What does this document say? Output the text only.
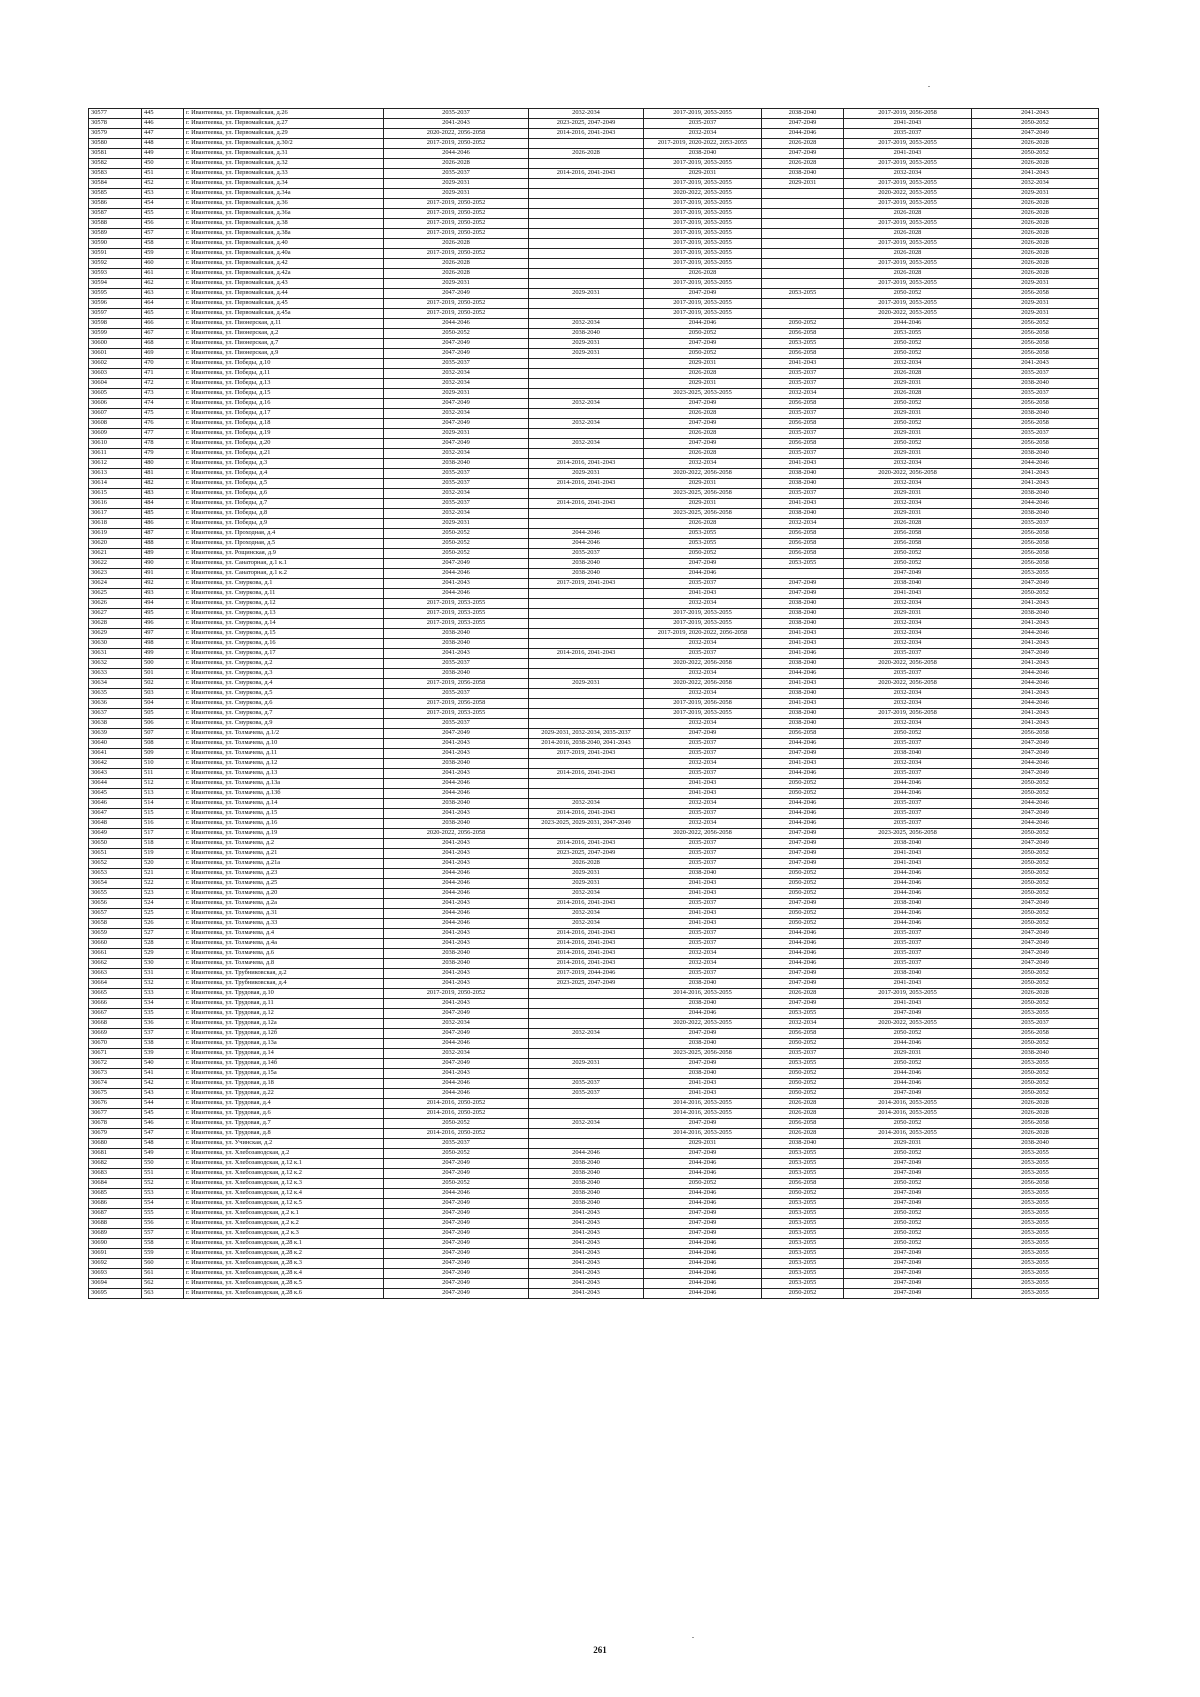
30577	445	г. Ивантеевка, ул. Первомайская, д.26	2035-2037	2032-2034	2017-2019, 2053-2055	2038-2040	2017-2019, 2056-2058	2041-2043
30578	446	г. Ивантеевка, ул. Первомайская, д.27	2041-2043	2023-2025, 2047-2049	2035-2037	2047-2049	2041-2043	2050-2052
30579	447	г. Ивантеевка, ул. Первомайская, д.29	2020-2022, 2056-2058	2014-2016, 2041-2043	2032-2034	2044-2046	2035-2037	2047-2049
30580	448	г. Ивантеевка, ул. Первомайская, д.30/2	2017-2019, 2050-2052		2017-2019, 2020-2022, 2053-2055	2026-2028	2017-2019, 2053-2055	2026-2028
30581	449	г. Ивантеевка, ул. Первомайская, д.31	2044-2046	2026-2028	2038-2040	2047-2049	2041-2043	2050-2052
30582	450	г. Ивантеевка, ул. Первомайская, д.32	2026-2028		2017-2019, 2053-2055	2026-2028	2017-2019, 2053-2055	2026-2028
30583	451	г. Ивантеевка, ул. Первомайская, д.33	2035-2037	2014-2016, 2041-2043	2029-2031	2038-2040	2032-2034	2041-2043
30584	452	г. Ивантеевка, ул. Первомайская, д.34	2029-2031		2017-2019, 2053-2055	2029-2031	2017-2019, 2053-2055	2032-2034
30585	453	г. Ивантеевка, ул. Первомайская, д.34а	2029-2031		2020-2022, 2053-2055		2020-2022, 2053-2055	2029-2031
30586	454	г. Ивантеевка, ул. Первомайская, д.36	2017-2019, 2050-2052		2017-2019, 2053-2055		2017-2019, 2053-2055	2026-2028
30587	455	г. Ивантеевка, ул. Первомайская, д.36а	2017-2019, 2050-2052		2017-2019, 2053-2055		2026-2028	2026-2028
30588	456	г. Ивантеевка, ул. Первомайская, д.38	2017-2019, 2050-2052		2017-2019, 2053-2055		2017-2019, 2053-2055	2026-2028
30589	457	г. Ивантеевка, ул. Первомайская, д.38а	2017-2019, 2050-2052		2017-2019, 2053-2055		2026-2028	2026-2028
30590	458	г. Ивантеевка, ул. Первомайская, д.40	2026-2028		2017-2019, 2053-2055		2017-2019, 2053-2055	2026-2028
30591	459	г. Ивантеевка, ул. Первомайская, д.40а	2017-2019, 2050-2052		2017-2019, 2053-2055		2026-2028	2026-2028
30592	460	г. Ивантеевка, ул. Первомайская, д.42	2026-2028		2017-2019, 2053-2055		2017-2019, 2053-2055	2026-2028
30593	461	г. Ивантеевка, ул. Первомайская, д.42а	2026-2028		2026-2028		2026-2028	2026-2028
30594	462	г. Ивантеевка, ул. Первомайская, д.43	2029-2031		2017-2019, 2053-2055		2017-2019, 2053-2055	2029-2031
30595	463	г. Ивантеевка, ул. Первомайская, д.44	2047-2049	2029-2031	2047-2049	2053-2055	2050-2052	2056-2058
30596	464	г. Ивантеевка, ул. Первомайская, д.45	2017-2019, 2050-2052		2017-2019, 2053-2055		2017-2019, 2053-2055	2029-2031
30597	465	г. Ивантеевка, ул. Первомайская, д.45а	2017-2019, 2050-2052		2017-2019, 2053-2055		2020-2022, 2053-2055	2029-2031
30598	466	г. Ивантеевка, ул. Пионерская, д.11	2044-2046	2032-2034	2044-2046	2050-2052	2044-2046	2056-2052
30599	467	г. Ивантеевка, ул. Пионерская, д.2	2050-2052	2038-2040	2050-2052	2056-2058	2053-2055	2056-2058
30600	468	г. Ивантеевка, ул. Пионерская, д.7	2047-2049	2029-2031	2047-2049	2053-2055	2050-2052	2056-2058
30601	469	г. Ивантеевка, ул. Пионерская, д.9	2047-2049	2029-2031	2050-2052	2056-2058	2050-2052	2056-2058
30602	470	г. Ивантеевка, ул. Победы, д.10	2035-2037		2029-2031	2041-2043	2032-2034	2041-2043
30603	471	г. Ивантеевка, ул. Победы, д.11	2032-2034		2026-2028	2035-2037	2026-2028	2035-2037
30604	472	г. Ивантеевка, ул. Победы, д.13	2032-2034		2029-2031	2035-2037	2029-2031	2038-2040
30605	473	г. Ивантеевка, ул. Победы, д.15	2029-2031		2023-2025, 2053-2055	2032-2034	2026-2028	2035-2037
30606	474	г. Ивантеевка, ул. Победы, д.16	2047-2049	2032-2034	2047-2049	2056-2058	2050-2052	2056-2058
30607	475	г. Ивантеевка, ул. Победы, д.17	2032-2034		2026-2028	2035-2037	2029-2031	2038-2040
30608	476	г. Ивантеевка, ул. Победы, д.18	2047-2049	2032-2034	2047-2049	2056-2058	2050-2052	2056-2058
30609	477	г. Ивантеевка, ул. Победы, д.19	2029-2031		2026-2028	2035-2037	2029-2031	2035-2037
30610	478	г. Ивантеевка, ул. Победы, д.20	2047-2049	2032-2034	2047-2049	2056-2058	2050-2052	2056-2058
30611	479	г. Ивантеевка, ул. Победы, д.21	2032-2034		2026-2028	2035-2037	2029-2031	2038-2040
30612	480	г. Ивантеевка, ул. Победы, д.3	2038-2040	2014-2016, 2041-2043	2032-2034	2041-2043	2032-2034	2044-2046
30613	481	г. Ивантеевка, ул. Победы, д.4	2035-2037	2029-2031	2020-2022, 2056-2058	2038-2040	2020-2022, 2056-2058	2041-2043
30614	482	г. Ивантеевка, ул. Победы, д.5	2035-2037	2014-2016, 2041-2043	2029-2031	2038-2040	2032-2034	2041-2043
30615	483	г. Ивантеевка, ул. Победы, д.6	2032-2034		2023-2025, 2056-2058	2035-2037	2029-2031	2038-2040
30616	484	г. Ивантеевка, ул. Победы, д.7	2035-2037	2014-2016, 2041-2043	2029-2031	2041-2043	2032-2034	2044-2046
30617	485	г. Ивантеевка, ул. Победы, д.8	2032-2034		2023-2025, 2056-2058	2038-2040	2029-2031	2038-2040
30618	486	г. Ивантеевка, ул. Победы, д.9	2029-2031		2026-2028	2032-2034	2026-2028	2035-2037
30619	487	г. Ивантеевка, ул. Проходная, д.4	2050-2052	2044-2046	2053-2055	2056-2058	2056-2058	2056-2058
30620	488	г. Ивантеевка, ул. Проходная, д.5	2050-2052	2044-2046	2053-2055	2056-2058	2056-2058	2056-2058
30621	489	г. Ивантеевка, ул. Рощинская, д.9	2050-2052	2035-2037	2050-2052	2056-2058	2050-2052	2056-2058
30622	490	г. Ивантеевка, ул. Санаторная, д.1 к.1	2047-2049	2038-2040	2047-2049	2053-2055	2050-2052	2056-2058
30623	491	г. Ивантеевка, ул. Санаторная, д.1 к.2	2044-2046	2038-2040	2044-2046		2047-2049	2053-2055
30624	492	г. Ивантеевка, ул. Смуркова, д.1	2041-2043	2017-2019, 2041-2043	2035-2037	2047-2049	2038-2040	2047-2049
30625	493	г. Ивантеевка, ул. Смуркова, д.11	2044-2046		2041-2043	2047-2049	2041-2043	2050-2052
30626	494	г. Ивантеевка, ул. Смуркова, д.12	2017-2019, 2053-2055		2032-2034	2038-2040	2032-2034	2041-2043
30627	495	г. Ивантеевка, ул. Смуркова, д.13	2017-2019, 2053-2055		2017-2019, 2053-2055	2038-2040	2029-2031	2038-2040
30628	496	г. Ивантеевка, ул. Смуркова, д.14	2017-2019, 2053-2055		2017-2019, 2053-2055	2038-2040	2032-2034	2041-2043
30629	497	г. Ивантеевка, ул. Смуркова, д.15	2038-2040		2017-2019, 2020-2022, 2056-2058	2041-2043	2032-2034	2044-2046
30630	498	г. Ивантеевка, ул. Смуркова, д.16	2038-2040		2032-2034	2041-2043	2032-2034	2041-2043
30631	499	г. Ивантеевка, ул. Смуркова, д.17	2041-2043	2014-2016, 2041-2043	2035-2037	2041-2046	2035-2037	2047-2049
30632	500	г. Ивантеевка, ул. Смуркова, д.2	2035-2037		2020-2022, 2056-2058	2038-2040	2020-2022, 2056-2058	2041-2043
30633	501	г. Ивантеевка, ул. Смуркова, д.3	2038-2040		2032-2034	2044-2046	2035-2037	2044-2046
30634	502	г. Ивантеевка, ул. Смуркова, д.4	2017-2019, 2056-2058	2029-2031	2020-2022, 2056-2058	2041-2043	2020-2022, 2056-2058	2044-2046
30635	503	г. Ивантеевка, ул. Смуркова, д.5	2035-2037		2032-2034	2038-2040	2032-2034	2041-2043
30636	504	г. Ивантеевка, ул. Смуркова, д.6	2017-2019, 2056-2058		2017-2019, 2056-2058	2041-2043	2032-2034	2044-2046
30637	505	г. Ивантеевка, ул. Смуркова, д.7	2017-2019, 2053-2055		2017-2019, 2053-2055	2038-2040	2017-2019, 2056-2058	2041-2043
30638	506	г. Ивантеевка, ул. Смуркова, д.9	2035-2037		2032-2034	2038-2040	2032-2034	2041-2043
30639	507	г. Ивантеевка, ул. Толмачева, д.1/2	2047-2049	2029-2031, 2032-2034, 2035-2037	2047-2049	2056-2058	2050-2052	2056-2058
30640	508	г. Ивантеевка, ул. Толмачева, д.10	2041-2043	2014-2016, 2038-2040, 2041-2043	2035-2037	2044-2046	2035-2037	2047-2049
30641	509	г. Ивантеевка, ул. Толмачева, д.11	2041-2043	2017-2019, 2041-2043	2035-2037	2047-2049	2038-2040	2047-2049
30642	510	г. Ивантеевка, ул. Толмачева, д.12	2038-2040		2032-2034	2041-2043	2032-2034	2044-2046
30643	511	г. Ивантеевка, ул. Толмачева, д.13	2041-2043	2014-2016, 2041-2043	2035-2037	2044-2046	2035-2037	2047-2049
30644	512	г. Ивантеевка, ул. Толмачева, д.13а	2044-2046		2041-2043	2050-2052	2044-2046	2050-2052
30645	513	г. Ивантеевка, ул. Толмачева, д.13б	2044-2046		2041-2043	2050-2052	2044-2046	2050-2052
30646	514	г. Ивантеевка, ул. Толмачева, д.14	2038-2040	2032-2034	2032-2034	2044-2046	2035-2037	2044-2046
30647	515	г. Ивантеевка, ул. Толмачева, д.15	2041-2043	2014-2016, 2041-2043	2035-2037	2044-2046	2035-2037	2047-2049
30648	516	г. Ивантеевка, ул. Толмачева, д.16	2038-2040	2023-2025, 2029-2031, 2047-2049	2032-2034	2044-2046	2035-2037	2044-2046
30649	517	г. Ивантеевка, ул. Толмачева, д.19	2020-2022, 2056-2058		2020-2022, 2056-2058	2047-2049	2023-2025, 2056-2058	2050-2052
30650	518	г. Ивантеевка, ул. Толмачева, д.2	2041-2043	2014-2016, 2041-2043	2035-2037	2047-2049	2038-2040	2047-2049
30651	519	г. Ивантеевка, ул. Толмачева, д.21	2041-2043	2023-2025, 2047-2049	2035-2037	2047-2049	2041-2043	2050-2052
30652	520	г. Ивантеевка, ул. Толмачева, д.21а	2041-2043	2026-2028	2035-2037	2047-2049	2041-2043	2050-2052
30653	521	г. Ивантеевка, ул. Толмачева, д.23	2044-2046	2029-2031	2038-2040	2050-2052	2044-2046	2050-2052
30654	522	г. Ивантеевка, ул. Толмачева, д.25	2044-2046	2029-2031	2041-2043	2050-2052	2044-2046	2050-2052
30655	523	г. Ивантеевка, ул. Толмачева, д.20	2044-2046	2032-2034	2041-2043	2050-2052	2044-2046	2050-2052
30656	524	г. Ивантеевка, ул. Толмачева, д.2а	2041-2043	2014-2016, 2041-2043	2035-2037	2047-2049	2038-2040	2047-2049
30657	525	г. Ивантеевка, ул. Толмачева, д.31	2044-2046	2032-2034	2041-2043	2050-2052	2044-2046	2050-2052
30658	526	г. Ивантеевка, ул. Толмачева, д.33	2044-2046	2032-2034	2041-2043	2050-2052	2044-2046	2050-2052
30659	527	г. Ивантеевка, ул. Толмачева, д.4	2041-2043	2014-2016, 2041-2043	2035-2037	2044-2046	2035-2037	2047-2049
30660	528	г. Ивантеевка, ул. Толмачева, д.4а	2041-2043	2014-2016, 2041-2043	2035-2037	2044-2046	2035-2037	2047-2049
30661	529	г. Ивантеевка, ул. Толмачева, д.6	2038-2040	2014-2016, 2041-2043	2032-2034	2044-2046	2035-2037	2047-2049
30662	530	г. Ивантеевка, ул. Толмачева, д.8	2038-2040	2014-2016, 2041-2043	2032-2034	2044-2046	2035-2037	2047-2049
30663	531	г. Ивантеевка, ул. Трубниковская, д.2	2041-2043	2017-2019, 2044-2046	2035-2037	2047-2049	2038-2040	2050-2052
30664	532	г. Ивантеевка, ул. Трубниковская, д.4	2041-2043	2023-2025, 2047-2049	2038-2040	2047-2049	2041-2043	2050-2052
30665	533	г. Ивантеевка, ул. Трудовая, д.10	2017-2019, 2050-2052		2014-2016, 2053-2055	2026-2028	2017-2019, 2053-2055	2026-2028
30666	534	г. Ивантеевка, ул. Трудовая, д.11	2041-2043		2038-2040	2047-2049	2041-2043	2050-2052
30667	535	г. Ивантеевка, ул. Трудовая, д.12	2047-2049		2044-2046	2053-2055	2047-2049	2053-2055
30668	536	г. Ивантеевка, ул. Трудовая, д.12а	2032-2034		2020-2022, 2053-2055	2032-2034	2020-2022, 2053-2055	2035-2037
30669	537	г. Ивантеевка, ул. Трудовая, д.12б	2047-2049	2032-2034	2047-2049	2056-2058	2050-2052	2056-2058
30670	538	г. Ивантеевка, ул. Трудовая, д.13а	2044-2046		2038-2040	2050-2052	2044-2046	2050-2052
30671	539	г. Ивантеевка, ул. Трудовая, д.14	2032-2034		2023-2025, 2056-2058	2035-2037	2029-2031	2038-2040
30672	540	г. Ивантеевка, ул. Трудовая, д.14б	2047-2049	2029-2031	2047-2049	2053-2055	2050-2052	2053-2055
30673	541	г. Ивантеевка, ул. Трудовая, д.15а	2041-2043		2038-2040	2050-2052	2044-2046	2050-2052
30674	542	г. Ивантеевка, ул. Трудовая, д.18	2044-2046	2035-2037	2041-2043	2050-2052	2044-2046	2050-2052
30675	543	г. Ивантеевка, ул. Трудовая, д.22	2044-2046	2035-2037	2041-2043	2050-2052	2047-2049	2050-2052
30676	544	г. Ивантеевка, ул. Трудовая, д.4	2014-2016, 2050-2052		2014-2016, 2053-2055	2026-2028	2014-2016, 2053-2055	2026-2028
30677	545	г. Ивантеевка, ул. Трудовая, д.6	2014-2016, 2050-2052		2014-2016, 2053-2055	2026-2028	2014-2016, 2053-2055	2026-2028
30678	546	г. Ивантеевка, ул. Трудовая, д.7	2050-2052	2032-2034	2047-2049	2056-2058	2050-2052	2056-2058
30679	547	г. Ивантеевка, ул. Трудовая, д.8	2014-2016, 2050-2052		2014-2016, 2053-2055	2026-2028	2014-2016, 2053-2055	2026-2028
30680	548	г. Ивантеевка, ул. Учинская, д.2	2035-2037		2029-2031	2038-2040	2029-2031	2038-2040
30681	549	г. Ивантеевка, ул. Хлебозаводская, д.2	2050-2052	2044-2046	2047-2049	2053-2055	2050-2052	2053-2055
30682	550	г. Ивантеевка, ул. Хлебозаводская, д.12 к.1	2047-2049	2038-2040	2044-2046	2053-2055	2047-2049	2053-2055
30683	551	г. Ивантеевка, ул. Хлебозаводская, д.12 к.2	2047-2049	2038-2040	2044-2046	2053-2055	2047-2049	2053-2055
30684	552	г. Ивантеевка, ул. Хлебозаводская, д.12 к.3	2050-2052	2038-2040	2050-2052	2056-2058	2050-2052	2056-2058
30685	553	г. Ивантеевка, ул. Хлебозаводская, д.12 к.4	2044-2046	2038-2040	2044-2046	2050-2052	2047-2049	2053-2055
30686	554	г. Ивантеевка, ул. Хлебозаводская, д.12 к.5	2047-2049	2038-2040	2044-2046	2053-2055	2047-2049	2053-2055
30687	555	г. Ивантеевка, ул. Хлебозаводская, д.2 к.1	2047-2049	2041-2043	2047-2049	2053-2055	2050-2052	2053-2055
30688	556	г. Ивантеевка, ул. Хлебозаводская, д.2 к.2	2047-2049	2041-2043	2047-2049	2053-2055	2050-2052	2053-2055
30689	557	г. Ивантеевка, ул. Хлебозаводская, д.2 к.3	2047-2049	2041-2043	2047-2049	2053-2055	2050-2052	2053-2055
30690	558	г. Ивантеевка, ул. Хлебозаводская, д.28 к.1	2047-2049	2041-2043	2044-2046	2053-2055	2050-2052	2053-2055
30691	559	г. Ивантеевка, ул. Хлебозаводская, д.28 к.2	2047-2049	2041-2043	2044-2046	2053-2055	2047-2049	2053-2055
30692	560	г. Ивантеевка, ул. Хлебозаводская, д.28 к.3	2047-2049	2041-2043	2044-2046	2053-2055	2047-2049	2053-2055
30693	561	г. Ивантеевка, ул. Хлебозаводская, д.28 к.4	2047-2049	2041-2043	2044-2046	2053-2055	2047-2049	2053-2055
30694	562	г. Ивантеевка, ул. Хлебозаводская, д.28 к.5	2047-2049	2041-2043	2044-2046	2053-2055	2047-2049	2053-2055
30695	563	г. Ивантеевка, ул. Хлебозаводская, д.28 к.6	2047-2049	2041-2043	2044-2046	2050-2052	2047-2049	2053-2055
261
